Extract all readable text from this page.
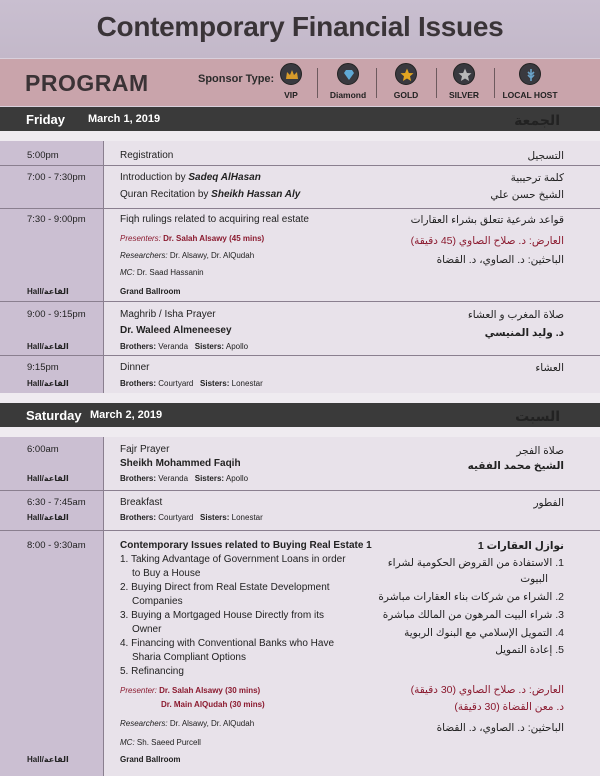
Contemporary Financial Issues
PROGRAM	Sponsor Type:
VIP	Diamond	GOLD	SILVER	LOCAL HOST
Friday March 1, 2019	الجمعة
5:00pm	Registration	التسجيل
7:00 - 7:30pm	Introduction by Sadeq AlHasan
Quran Recitation by Sheikh Hassan Aly
كلمة ترحيبية
الشيخ حسن علي
7:30 - 9:00pm	Fiqh rulings related to acquiring real estate
Presenters: Dr. Salah Alsawy (45 mins)
Researchers: Dr. Alsawy, Dr. AlQudah
MC: Dr. Saad Hassanin
Hall/القاعة	Grand Ballroom
قواعد شرعية تتعلق بشراء العقارات
العارض: د. صلاح الصاوي (45 دقيقة)
الباحثين: د. الصاوي، د. القضاة
9:00 - 9:15pm	Maghrib / Isha Prayer
Dr. Waleed Almeneesey
Hall/القاعة	Brothers: Veranda Sisters: Apollo
صلاة المغرب و العشاء
د. وليد المنيسي
9:15pm	Dinner
Hall/القاعة	Brothers: Courtyard Sisters: Lonestar
العشاء
Saturday March 2, 2019	السبت
6:00am	Fajr Prayer
Sheikh Mohammed Faqih
Hall/القاعة	Brothers: Veranda Sisters: Apollo
صلاة الفجر
الشيخ محمد الفقيه
6:30 - 7:45am	Breakfast
Hall/القاعة	Brothers: Courtyard Sisters: Lonestar
الفطور
8:00 - 9:30am	Contemporary Issues related to Buying Real Estate 1
1. Taking Advantage of Government Loans in order
to Buy a House
2. Buying Direct from Real Estate Development
Companies
3. Buying a Mortgaged House Directly from its
Owner
4. Financing with Conventional Banks who Have
Sharia Compliant Options
5. Refinancing
Presenter: Dr. Salah Alsawy (30 mins)
Dr. Main AlQudah (30 mins)
Researchers: Dr. Alsawy, Dr. AlQudah
MC: Sh. Saeed Purcell
Hall/القاعة	Grand Ballroom
نوازل العقارات 1
1. الاستفادة من القروض الحكومية لشراء
البيوت
2. الشراء من شركات بناء العقارات مباشرة
3. شراء البيت المرهون من المالك مباشرة
4. التمويل الإسلامي مع البنوك الربوية
5. إعادة التمويل
العارض: د. صلاح الصاوي (30 دقيقة)
د. معن القضاة (30 دقيقة)
الباحثين: د. الصاوي، د. القضاة
